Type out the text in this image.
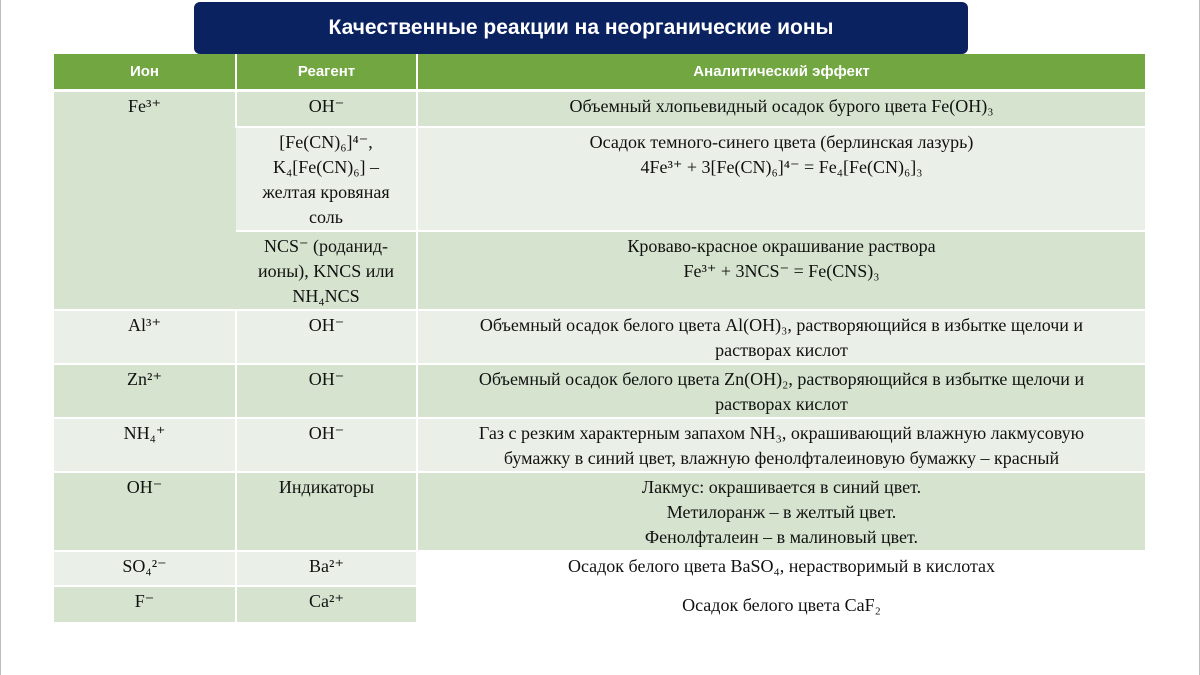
Качественные реакции на неорганические ионы
Ион	Реагент	Аналитический эффект
Fe³⁺	OH⁻	Объемный хлопьевидный осадок бурого цвета Fe(OH)₃

	[Fe(CN)₆]⁴⁻,
K₄[Fe(CN)₆] –
желтая кровяная
соль	Осадок темного-синего цвета (берлинская лазурь)
4Fe³⁺ + 3[Fe(CN)₆]⁴⁻ = Fe₄[Fe(CN)₆]₃

	NCS⁻ (роданид-
ионы), KNCS или
NH₄NCS	Кроваво-красное окрашивание раствора
Fe³⁺ + 3NCS⁻ = Fe(CNS)₃

Al³⁺	OH⁻	Объемный осадок белого цвета Al(OH)₃, растворяющийся в избытке щелочи и
растворах кислот

Zn²⁺	OH⁻	Объемный осадок белого цвета Zn(OH)₂, растворяющийся в избытке щелочи и
растворах кислот

NH₄⁺	OH⁻	Газ с резким характерным запахом NH₃, окрашивающий влажную лакмусовую
бумажку в синий цвет, влажную фенолфталеиновую бумажку – красный

OH⁻	Индикаторы	Лакмус: окрашивается в синий цвет.
Метилоранж – в желтый цвет.
Фенолфталеин – в малиновый цвет.

SO₄²⁻	Ba²⁺	Осадок белого цвета BaSO₄, нерастворимый в кислотах

F⁻	Ca²⁺	Осадок белого цвета CaF₂
